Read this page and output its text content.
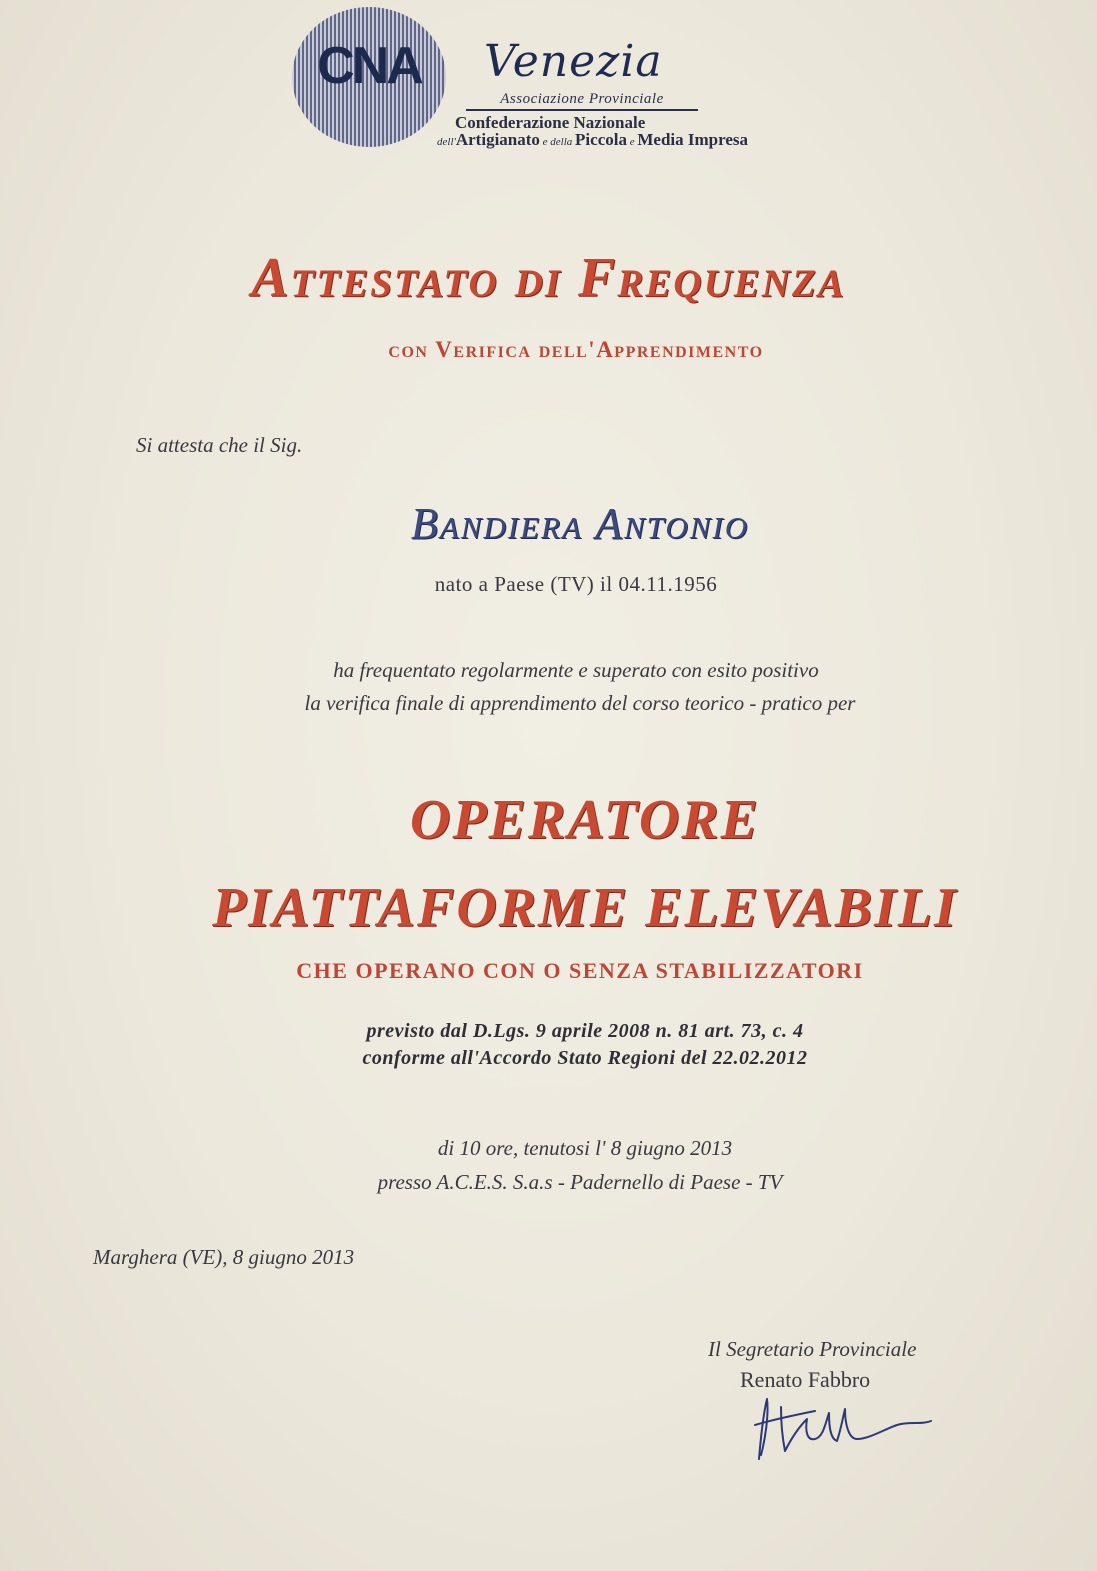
CNA	Venezia
Associazione Provinciale
Confederazione Nazionale
dell'Artigianato e della Piccola e Media Impresa
Attestato di Frequenza
con Verifica dell'Apprendimento
Si attesta che il Sig.
Bandiera Antonio
nato a Paese (TV) il 04.11.1956
ha frequentato regolarmente e superato con esito positivo
la verifica finale di apprendimento del corso teorico - pratico per
OPERATORE
PIATTAFORME ELEVABILI
CHE OPERANO CON O SENZA STABILIZZATORI
previsto dal D.Lgs. 9 aprile 2008 n. 81 art. 73, c. 4
conforme all'Accordo Stato Regioni del 22.02.2012
di 10 ore, tenutosi l' 8 giugno 2013
presso A.C.E.S. S.a.s - Padernello di Paese - TV
Marghera (VE), 8 giugno 2013
Il Segretario Provinciale
Renato Fabbro
